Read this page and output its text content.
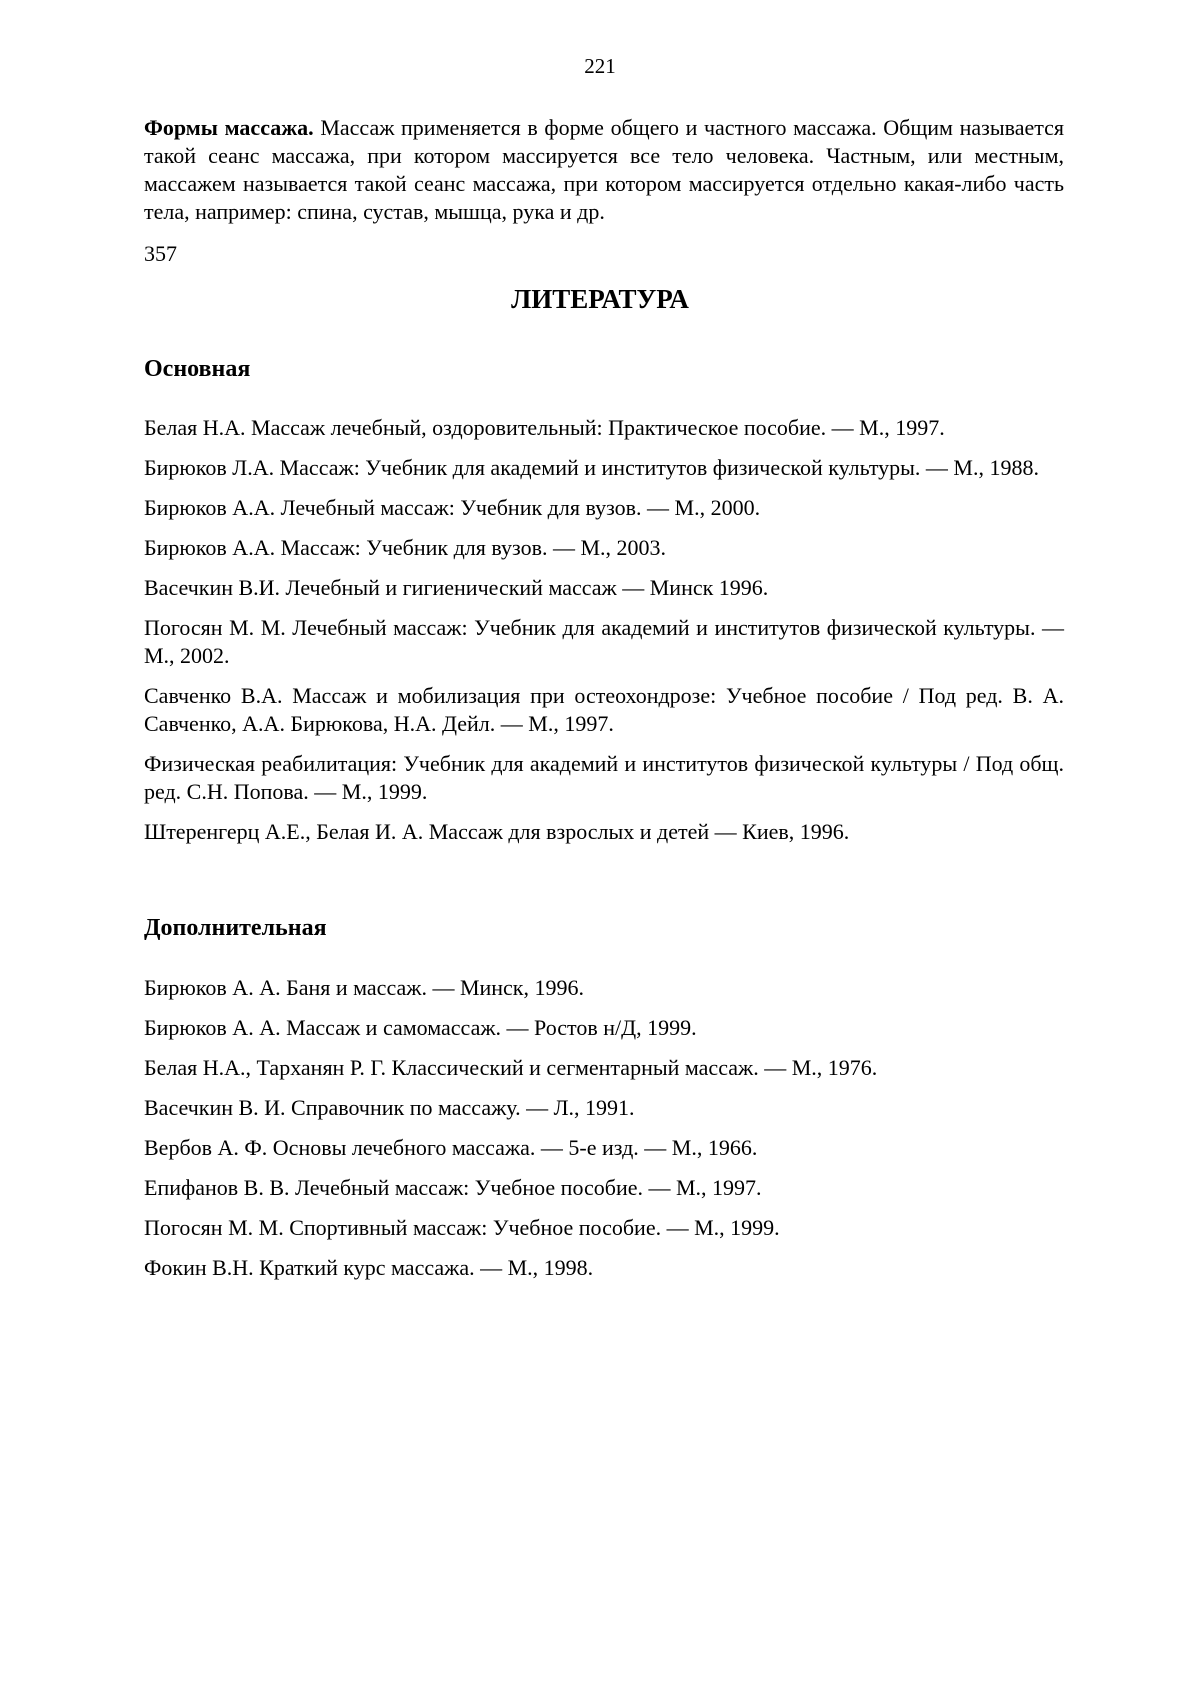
221

Формы массажа. Массаж применяется в форме общего и частного массажа. Общим называется такой сеанс массажа, при котором массируется все тело человека. Частным, или местным, массажем называется такой сеанс массажа, при котором массируется отдельно какая-либо часть тела, например: спина, сустав, мышца, рука и др.

357
ЛИТЕРАТУРА
Основная
Белая Н.А. Массаж лечебный, оздоровительный: Практическое пособие. — М., 1997.
Бирюков Л.А. Массаж: Учебник для академий и институтов физической культуры. — М., 1988.
Бирюков А.А. Лечебный массаж: Учебник для вузов. — М., 2000.
Бирюков А.А. Массаж: Учебник для вузов. — М., 2003.
Васечкин В.И. Лечебный и гигиенический массаж — Минск 1996.
Погосян М. М. Лечебный массаж: Учебник для академий и институтов физической культуры. — М., 2002.
Савченко В.А. Массаж и мобилизация при остеохондрозе: Учебное пособие / Под ред. В. А. Савченко, А.А. Бирюкова, Н.А. Дейл. — М., 1997.
Физическая реабилитация: Учебник для академий и институтов физической культуры / Под общ. ред. С.Н. Попова. — М., 1999.
Штеренгерц А.Е., Белая И. А. Массаж для взрослых и детей — Киев, 1996.
Дополнительная
Бирюков А. А. Баня и массаж. — Минск, 1996.
Бирюков А. А. Массаж и самомассаж. — Ростов н/Д, 1999.
Белая Н.А., Тарханян Р. Г. Классический и сегментарный массаж. — М., 1976.
Васечкин В. И. Справочник по массажу. — Л., 1991.
Вербов А. Ф. Основы лечебного массажа. — 5-е изд. — М., 1966.
Епифанов В. В. Лечебный массаж: Учебное пособие. — М., 1997.
Погосян М. М. Спортивный массаж: Учебное пособие. — М., 1999.
Фокин В.Н. Краткий курс массажа. — М., 1998.
